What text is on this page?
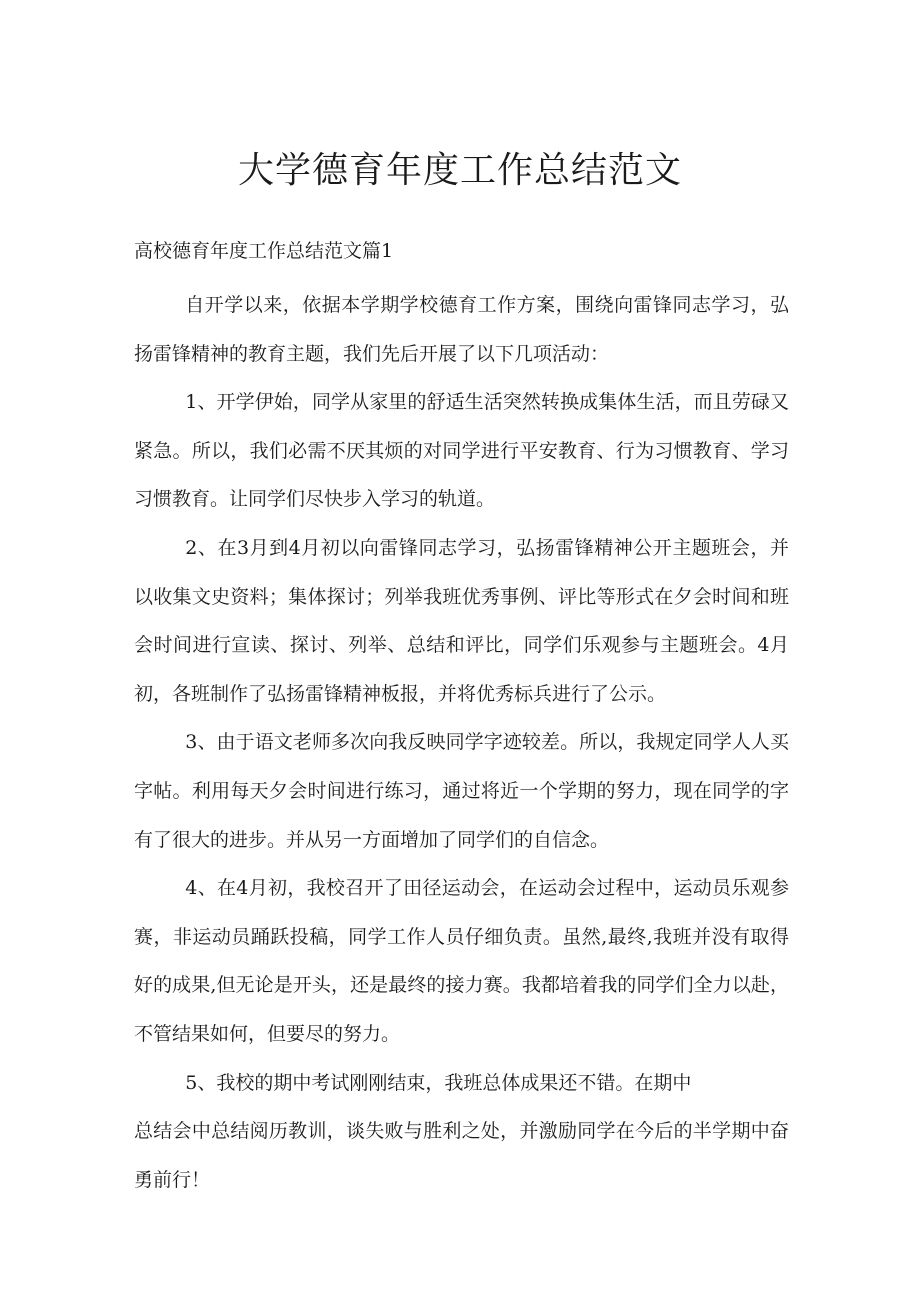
大学德育年度工作总结范文
高校德育年度工作总结范文篇1

自开学以来，依据本学期学校德育工作方案，围绕向雷锋同志学习，弘扬雷锋精神的教育主题，我们先后开展了以下几项活动：

1、开学伊始，同学从家里的舒适生活突然转换成集体生活，而且劳碌又紧急。所以，我们必需不厌其烦的对同学进行平安教育、行为习惯教育、学习习惯教育。让同学们尽快步入学习的轨道。

2、在3月到4月初以向雷锋同志学习，弘扬雷锋精神公开主题班会，并以收集文史资料；集体探讨；列举我班优秀事例、评比等形式在夕会时间和班会时间进行宣读、探讨、列举、总结和评比，同学们乐观参与主题班会。4月初，各班制作了弘扬雷锋精神板报，并将优秀标兵进行了公示。

3、由于语文老师多次向我反映同学字迹较差。所以，我规定同学人人买字帖。利用每天夕会时间进行练习，通过将近一个学期的努力，现在同学的字有了很大的进步。并从另一方面增加了同学们的自信念。

4、在4月初，我校召开了田径运动会，在运动会过程中，运动员乐观参赛，非运动员踊跃投稿，同学工作人员仔细负责。虽然,最终,我班并没有取得好的成果,但无论是开头，还是最终的接力赛。我都培着我的同学们全力以赴，不管结果如何，但要尽的努力。

5、我校的期中考试刚刚结束，我班总体成果还不错。在期中

总结会中总结阅历教训，谈失败与胜利之处，并激励同学在今后的半学期中奋勇前行！
